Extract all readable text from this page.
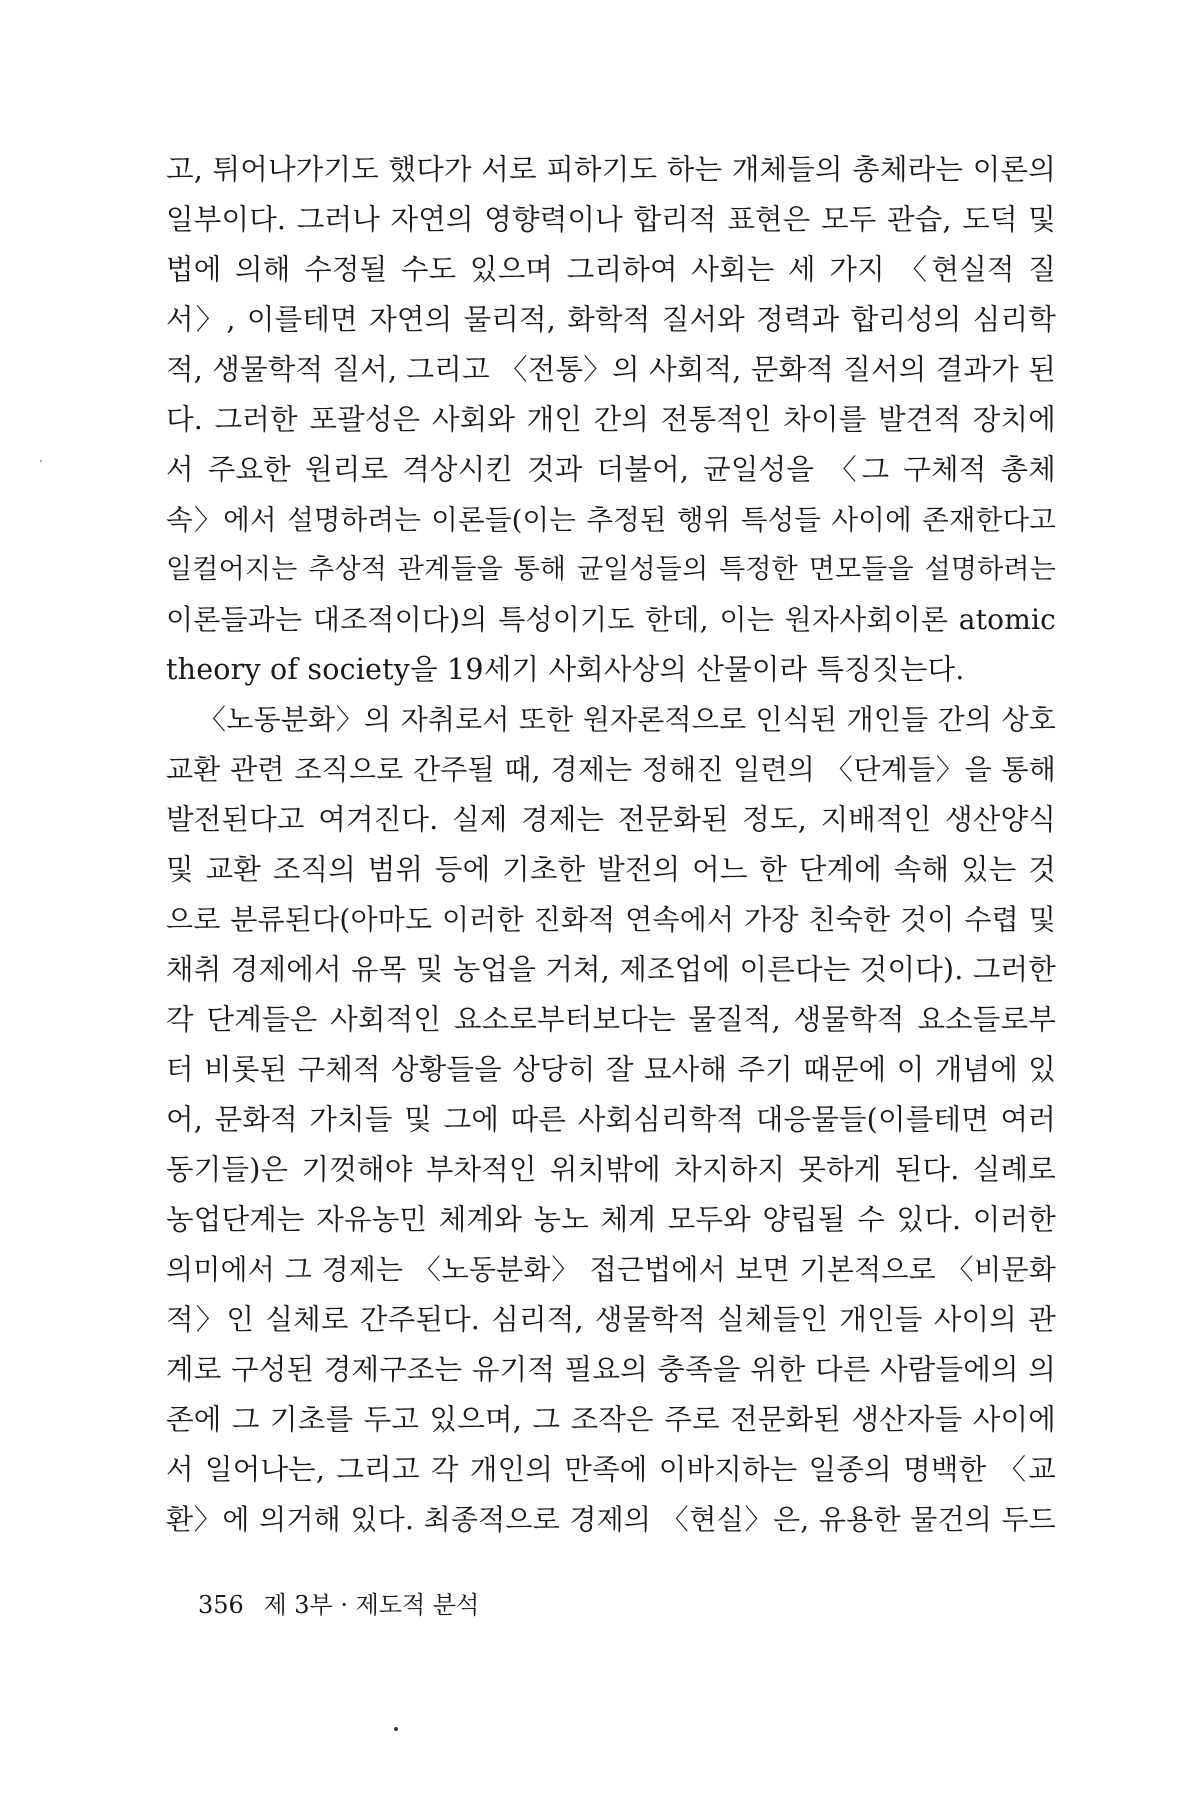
고, 튀어나가기도 했다가 서로 피하기도 하는 개체들의 총체라는 이론의
일부이다. 그러나 자연의 영향력이나 합리적 표현은 모두 관습, 도덕 및
법에 의해 수정될 수도 있으며 그리하여 사회는 세 가지 〈현실적 질
서〉, 이를테면 자연의 물리적, 화학적 질서와 정력과 합리성의 심리학
적, 생물학적 질서, 그리고 〈전통〉의 사회적, 문화적 질서의 결과가 된
다. 그러한 포괄성은 사회와 개인 간의 전통적인 차이를 발견적 장치에
서 주요한 원리로 격상시킨 것과 더불어, 균일성을 〈그 구체적 총체
속〉에서 설명하려는 이론들(이는 추정된 행위 특성들 사이에 존재한다고
일컬어지는 추상적 관계들을 통해 균일성들의 특정한 면모들을 설명하려는
이론들과는 대조적이다)의 특성이기도 한데, 이는 원자사회이론 atomic
theory of society을 19세기 사회사상의 산물이라 특징짓는다.
〈노동분화〉의 자취로서 또한 원자론적으로 인식된 개인들 간의 상호
교환 관련 조직으로 간주될 때, 경제는 정해진 일련의 〈단계들〉을 통해
발전된다고 여겨진다. 실제 경제는 전문화된 정도, 지배적인 생산양식
및 교환 조직의 범위 등에 기초한 발전의 어느 한 단계에 속해 있는 것
으로 분류된다(아마도 이러한 진화적 연속에서 가장 친숙한 것이 수렵 및
채취 경제에서 유목 및 농업을 거쳐, 제조업에 이른다는 것이다). 그러한
각 단계들은 사회적인 요소로부터보다는 물질적, 생물학적 요소들로부
터 비롯된 구체적 상황들을 상당히 잘 묘사해 주기 때문에 이 개념에 있
어, 문화적 가치들 및 그에 따른 사회심리학적 대응물들(이를테면 여러
동기들)은 기껏해야 부차적인 위치밖에 차지하지 못하게 된다. 실례로
농업단계는 자유농민 체계와 농노 체계 모두와 양립될 수 있다. 이러한
의미에서 그 경제는 〈노동분화〉 접근법에서 보면 기본적으로 〈비문화
적〉인 실체로 간주된다. 심리적, 생물학적 실체들인 개인들 사이의 관
계로 구성된 경제구조는 유기적 필요의 충족을 위한 다른 사람들에의 의
존에 그 기초를 두고 있으며, 그 조작은 주로 전문화된 생산자들 사이에
서 일어나는, 그리고 각 개인의 만족에 이바지하는 일종의 명백한 〈교
환〉에 의거해 있다. 최종적으로 경제의 〈현실〉은, 유용한 물건의 두드
356 제 3부 · 제도적 분석
